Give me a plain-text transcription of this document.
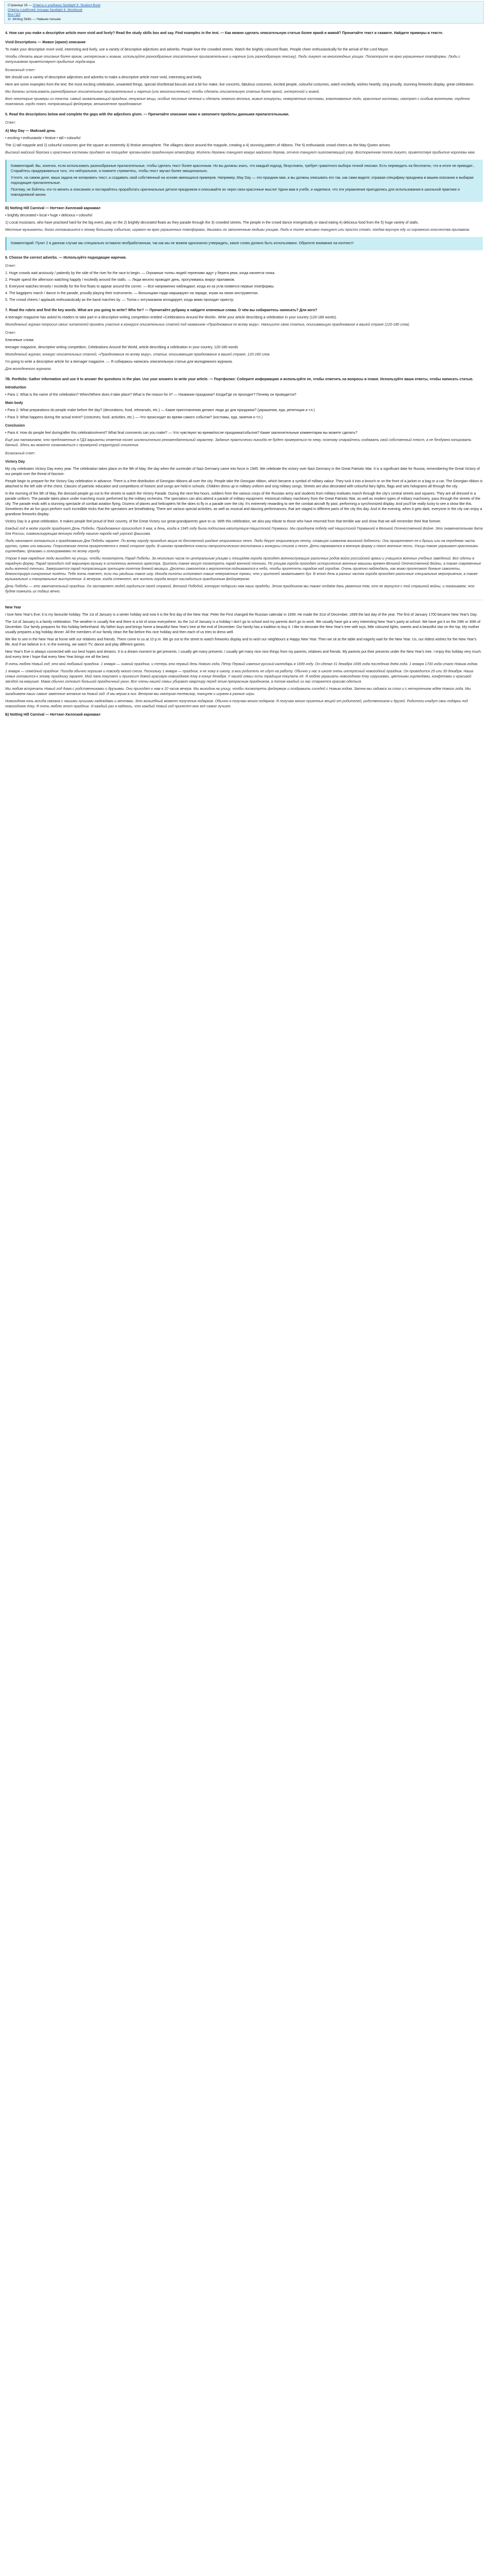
Страница 18 — Ответы к учебнику Spotlight 9. Student Book
Ответы к рабочей тетради Spotlight 9. Workbook
Все ГДЗ
1f. Writing Skills — Навыки письма

4. How can you make a descriptive article more vivid and lively? Read the study skills box and say. Find examples in the text. — Как можно сделать описательную статью более яркой и живой? Прочитайте текст и скажите. Найдите примеры в тексте.

Vivid Descriptions — Живое (яркое) описание

To make your description more vivid, interesting and lively, use a variety of descriptive adjectives and adverbs. People love the crowded streets. Watch the brightly coloured floats. People cheer enthusiastically for the arrival of the Lord Mayor.

Чтобы сделать ваше описание более ярким, интересным и живым, используйте разнообразные описательные прилагательные и наречия (или разнообразную лексику). Люди ликуют на многолюдных улицах. Посмотрите на ярко украшенные платформы. Люди с энтузиазмом приветствуют прибытие лорда-мэра.

Возможный ответ:

We should use a variety of descriptive adjectives and adverbs to make a descriptive article more vivid, interesting and lively.

Here are some examples from the text: the most exciting celebration, unwanted things, special shortbread biscuits and a bit fun make, live concerts, fabulous costumes, excited people, colourful costumes, watch excitedly, wishes heartily, sing proudly, stunning fireworks display, great celebration.

Мы должны использовать разнообразные описательные прилагательные и наречия (или многочисленные), чтобы сделать описательную статью более яркой, интересной и живой.

Вот некоторые примеры из текста: самый захватывающий праздник, ненужные вещи, особые песочные печенья и сделать немного веселья, живые концерты, невероятные костюмы, взволнованные люди, красочные костюмы, смотрят с особым волнением, сердечно пожелания, гордо поют, потрясающий фейерверк, великолепное празднование.

5. Read the descriptions below and complete the gaps with the adjectives given. — Прочитайте описание ниже и заполните пробелы данными прилагательными.

Ответ:

A) May Day — Майский день

• exciting • enthusiastic • festive • tall • colourful

The 1) tall maypole and 2) colourful costumes give the square an extremely 3) festive atmosphere. The villagers dance around the maypole, creating a 4) stunning pattern of ribbons. The 5) enthusiastic crowd cheers as the May Queen arrives.

Высокий майский березка и красочные костюмы придают на площадке чрезвычайно праздничную атмосферу. Жители деревни танцуют вокруг майского дерева, отчего танцуют ошеломляющий узор. Восторженная толпа ликует, приветствуя прибытие королевы мая.

Комментарий: Вы, конечно, если использовать разнообразные прилагательные, чтобы сделать текст более красочным. Но вы должны знать, что каждый подход, безусловно, требует грамотного выбора точной лексики. Есть переводить на бесплатно, что в итоге не приводит... Старайтесь придерживаться того, что нейтральное, и помните стремитесь, чтобы текст звучал более эмоционально.

Учтите, на самом деле, ваша задача не копировать текст, а создавать свой собственный на основе имеющихся примеров. Например, Мау Day — это праздник мая, и вы должны описывать его так, как сами видите; отражая специфику праздника в вашем описании и выбирая подходящие прилагательные.

Поэтому, не бойтесь что-то менять в описаниях и постарайтесь проработать оригинальные детали праздников и описывайте их через свои красочные мысли! Удачи вам в учебе, и надеемся, что эти упражнения пригодились для использования в школьной практике и повседневной жизни.

B) Notting Hill Carnival — Ноттинг-Хиллский карнавал

• brightly decorated • local • huge • delicious • colourful

1) Local musicians, who have practised hard for the big event, play on the 2) brightly decorated floats as they parade through the 3) crowded streets. The people in the crowd dance energetically or stand eating 4) delicious food from the 5) huge variety of stalls.

Местные музыканты, долго готовившиеся к этому большому событию, играют на ярко украшенных платформах, двигаясь по заполненным людьми улицам. Люди в толпе активно танцуют или просто стоят, поедая вкусную еду из огромного количества прилавков.

Комментарий: Пункт 2 в данном случае мы специально оставили необработанным, так как мы не можем однозначно утверждать, какое слово должно быть использовано. Обратите внимание на контекст!

6. Choose the correct adverbs. — Используйте подходящие наречия.

Ответ:

1. Huge crowds wait anxiously / patiently by the side of the river for the race to begin. — Огромные толпы людей терпеливо ждут у берега реки, когда начнется гонка.
2. People spend the afternoon watching happily / excitedly around the stalls. — Люди весело проводят день, прогуливаясь вокруг прилавков.
3. Everyone watches tensely / excitedly for the first floats to appear around the corner. — Все напряженно наблюдают, когда из-за угла появятся первые платформы.
4. The bagpipers march / dance in the parade, proudly playing their instruments. — Волынщики гордо маршируют на параде, играя на своих инструментах.
5. The crowd cheers / applauds enthusiastically as the band marches by. — Толпа с энтузиазмом аплодирует, когда мимо проходит оркестр.

7. Read the rubric and find the key words. What are you going to write? Who for? — Прочитайте рубрику и найдите ключевые слова. О чём вы собираетесь написать? Для кого?

A teenager magazine has asked its readers to take part in a descriptive writing competition entitled «Celebrations Around the World». Write your article describing a celebration in your country (120-180 words).

Молодежный журнал попросил своих читателей принять участие в конкурсе описательных статей под названием «Празднования по всему миру». Напишите свою статью, описывающую празднование в вашей стране (120-180 слов).

Ответ:

Ключевые слова:

teenager magazine, descriptive writing competition, Celebrations Around the World, article describing a celebration in your country, 120-180 words

Молодежный журнал, конкурс описательных статей, «Празднования по всему миру», статья, описывающая празднование в вашей стране, 120-180 слов.

I'm going to write a descriptive article for a teenager magazine. — Я собираюсь написать описательную статью для молодежного журнала.

Для молодежного журнала.

7B. Portfolio: Gather information and use it to answer the questions in the plan. Use your answers to write your article. — Портфолио: Соберите информацию и используйте ее, чтобы ответить на вопросы в плане. Используйте ваши ответы, чтобы написать статью.

Introduction

• Para 1: What is the name of the celebration? When/Where does it take place? What is the reason for it? — Название праздника? Когда/Где он проходит? Почему он проводится?

Main body

• Para 2: What preparations do people make before the day? (decorations, food, rehearsals, etc.) — Какие приготовления делают люди до дня праздника? (украшения, еда, репетиции и т.п.)

• Para 3: What happens during the actual event? (costumes, food, activities, etc.) — Что происходит во время самого события? (костюмы, еда, занятия и т.п.)

Conclusion

• Para 4: How do people feel during/after this celebration/event? What final comments can you make? — Что чувствуют во время/после праздника/события? Какие заключительные комментарии вы можете сделать?

Ещё раз напоминаем, что предложенные в ГДЗ варианты ответов носят исключительно рекомендательный характер. Задание практически никогда не будет проверяться по нему, поэтому старайтесь создавать свой собственный текст, а не бездумно копировать данный. Здесь вы можете ознакомиться с примерной структурой сочинения.

Возможный ответ:

Victory Day

My city celebrates Victory Day every year. The celebration takes place on the 9th of May, the day when the surrender of Nazi Germany came into force in 1945. We celebrate the victory over Nazi Germany in the Great Patriotic War. It is a significant date for Russia, remembering the Great Victory of our people over the threat of fascism.

People begin to prepare for the Victory Day celebration in advance. There is a free distribution of Georgian ribbons all over the city. People take the Georgian ribbon, which became a symbol of military valour. They tuck it into a brooch or on the front of a jacket or a bag or a car. The Georgian ribbon is attached to the left side of the chest. Classes of patriotic education and competitions of historic and songs are held in schools. Children dress up in military uniform and sing military songs. Streets are also decorated with colourful fairy lights, flags and sets holograms all through the city.

In the morning of the 9th of May, the dressed people go out to the streets to watch the Victory Parade. During the next few hours, soldiers from the various corps of the Russian army and students from military institutes march through the city's central streets and squares. They are all dressed in a parade uniform. The parade takes place under marching music performed by the military orchestra. The spectators can also attend a parade of military equipment. Historical military machinery from the Great Patriotic War, as well as modern types of military machinery, pass through the streets of the city. The parade ends with a stunning spectacle of combat aviation flying. Dozens of planes and helicopters hit the skies to fly in a parade over the city. It's extremely rewarding to see the combat aircraft fly past, performing a synchronized display. And you'll be really lucky to see a show like this. Sometimes the air fun guys perform such incredible tricks that the spectators are breathtaking. There are various special activities, as well as musical and dancing performances, that are staged in different parts of the city this day. And in the evening, when it gets dark, everyone in the city can enjoy a grandiose fireworks display.

Victory Day is a great celebration. It makes people feel proud of their country, of the Great Victory our great-grandparents gave to us. With this celebration, we also pay tribute to those who have returned from that terrible war and show that we will remember their feat forever.

Каждый год в моём городе празднуют День Победы. Празднование происходит 9 мая, в день, когда в 1945 году была подписана капитуляция Нацистской Германии. Мы празднуем победу над Нацистской Германией в Великой Отечественной Войне. Это знаменательная дата для России, символизирующая великую победу нашего народа над угрозой фашизма.

Люди начинают готовиться к празднованию Дня Победы заранее. По всему городу проходит акция по бесплатной раздаче георгиевских лент. Люди берут георгиевскую ленту, ставшую символом воинской доблести. Они прикрепляют ее к броши или на переднюю часть куртки, сумки или машины. Георгиевская лента прикрепляется к левой стороне груди. В школах проводятся классы патриотического воспитания и конкурсы стихов и песен. Дети наряжаются в военную форму и поют военные песни. Улицы также украшают красочными гирляндами, флагами и голограммами по всему городу.

Утром 9 мая нарядные люди выходят на улицы, чтобы посмотреть Парад Победы. За несколько часов по центральным улицам и площадям города проходят военнослужащие различных родов войск российской армии и учащиеся военных учебных заведений. Все одеты в парадную форму. Парад проходит под маршевую музыку в исполнении военного оркестра. Зрители также могут посмотреть парад военной техники. По улицам города проходят исторические военные машины времен Великой Отечественной Войны, а также современные виды военной техники. Завершается парад потрясающим зрелищем полетов боевой авиации. Десятки самолетов и вертолетов поднимаются в небо, чтобы пролететь парадом над городом. Очень приятно наблюдать, как мимо пролетают боевые самолеты, демонстрируя синхронные полёты. Тебе очень повезет, если ты увидишь такое шоу. Иногда пилоты исполняют такие невероятные трюки, что у зрителей захватывает дух. В этот день в разных частях города проходят различные специальные мероприятия, а также музыкальные и танцевальные выступления. А вечером, когда стемнеет, все жители города могут насладиться грандиозным фейерверком.

День Победы — это замечательный праздник. Он заставляет людей гордиться своей страной, Великой Победой, которую подарили нам наши прадеды. Этим праздником мы также отдаём дань уважения тем, кто не вернулся с той страшной войны, и показываем, что будем помнить их подвиг вечно.

New Year

I love New Year's Eve; it is my favourite holiday. The 1st of January is a winter holiday and now it is the first day of the New Year. Peter the First changed the Russian calendar in 1699. He made the 31st of December, 1699 the last day of the year. The first of January 1700 became New Year's Day.

The 1st of January is a family celebration. The weather is usually fine and there is a lot of snow everywhere. As the 1st of January is a holiday I don't go to school and my parents don't go to work. We usually have got a very interesting New Year's party at school. We have got it on the 29th or 30th of December. Our family prepares for this holiday beforehand. My father buys and brings home a beautiful New Year's tree at the end of December. Our family has a tradition to buy it. I like to decorate the New Year's tree with toys, little coloured lights, sweets and a beautiful star on the top. My mother usually prepares a big holiday dinner. All the members of our family clean the flat before this nice holiday and then each of us tries to dress well.

We like to see in the New Year at home with our relatives and friends. There come to us at 10 p.m. We go out to the street to watch fireworks display and to wish our neighbours a Happy New Year. Then we sit at the table and eagerly wait for the New Year. Us, our eldest wishes for the New Year's life. And if we believe in it. In the evening, we watch TV, dance and play different games.

New Year's Eve is always connected with our best hopes and dreams. It is a dream moment to get presents. I usually get many presents. I usually get many nice nice things from my parents, relatives and friends. My parents put their presents under the New Year's tree. I enjoy this holiday very much. And every time I hope that every New Year brings me all the best.

Я очень люблю Новый год; это мой любимый праздник. 1 января — зимний праздник, и теперь это первый день Нового года. Пётр Первый изменил русский календарь в 1699 году. Он сделал 31 декабря 1699 года последним днём года. 1 января 1700 года стало Новым годом.

1 января — семейный праздник. Погода обычно хорошая и повсюду много снега. Поскольку 1 января — праздник, я не хожу в школу, а мои родители не идут на работу. Обычно у нас в школе очень интересный новогодний праздник. Он проводится 29 или 30 декабря. Наша семья готовится к этому празднику заранее. Мой папа покупает и приносит домой красивую новогоднюю ёлку в конце декабря. У нашей семьи есть традиция покупать её. Я люблю украшать новогоднюю ёлку игрушками, цветными гирляндами, конфетами и красивой звездой на макушке. Мама обычно готовит большой праздничный ужин. Все члены нашей семьи убирают квартиру перед этим прекрасным праздником, а потом каждый из нас старается красиво одеться.

Мы любим встречать Новый год дома с родственниками и друзьями. Они приходят к нам в 10 часов вечера. Мы выходим на улицу, чтобы посмотреть фейерверк и поздравить соседей с Новым годом. Затем мы садимся за стол и с нетерпением ждём Нового года. Мы загадываем наши самые заветные желания на Новый год. И мы верим в них. Вечером мы смотрим телевизор, танцуем и играем в разные игры.

Новогодняя ночь всегда связана с нашими лучшими надеждами и мечтами. Это волшебный момент получения подарков. Обычно я получаю много подарков. Я получаю много приятных вещей от родителей, родственников и друзей. Родители кладут свои подарки под новогоднюю ёлку. Я очень люблю этот праздник. И каждый раз я надеюсь, что каждый Новый год принесёт мне всё самое лучшее.

Б) Notting Hill Carnival — Ноттинг-Хиллский карнавал
